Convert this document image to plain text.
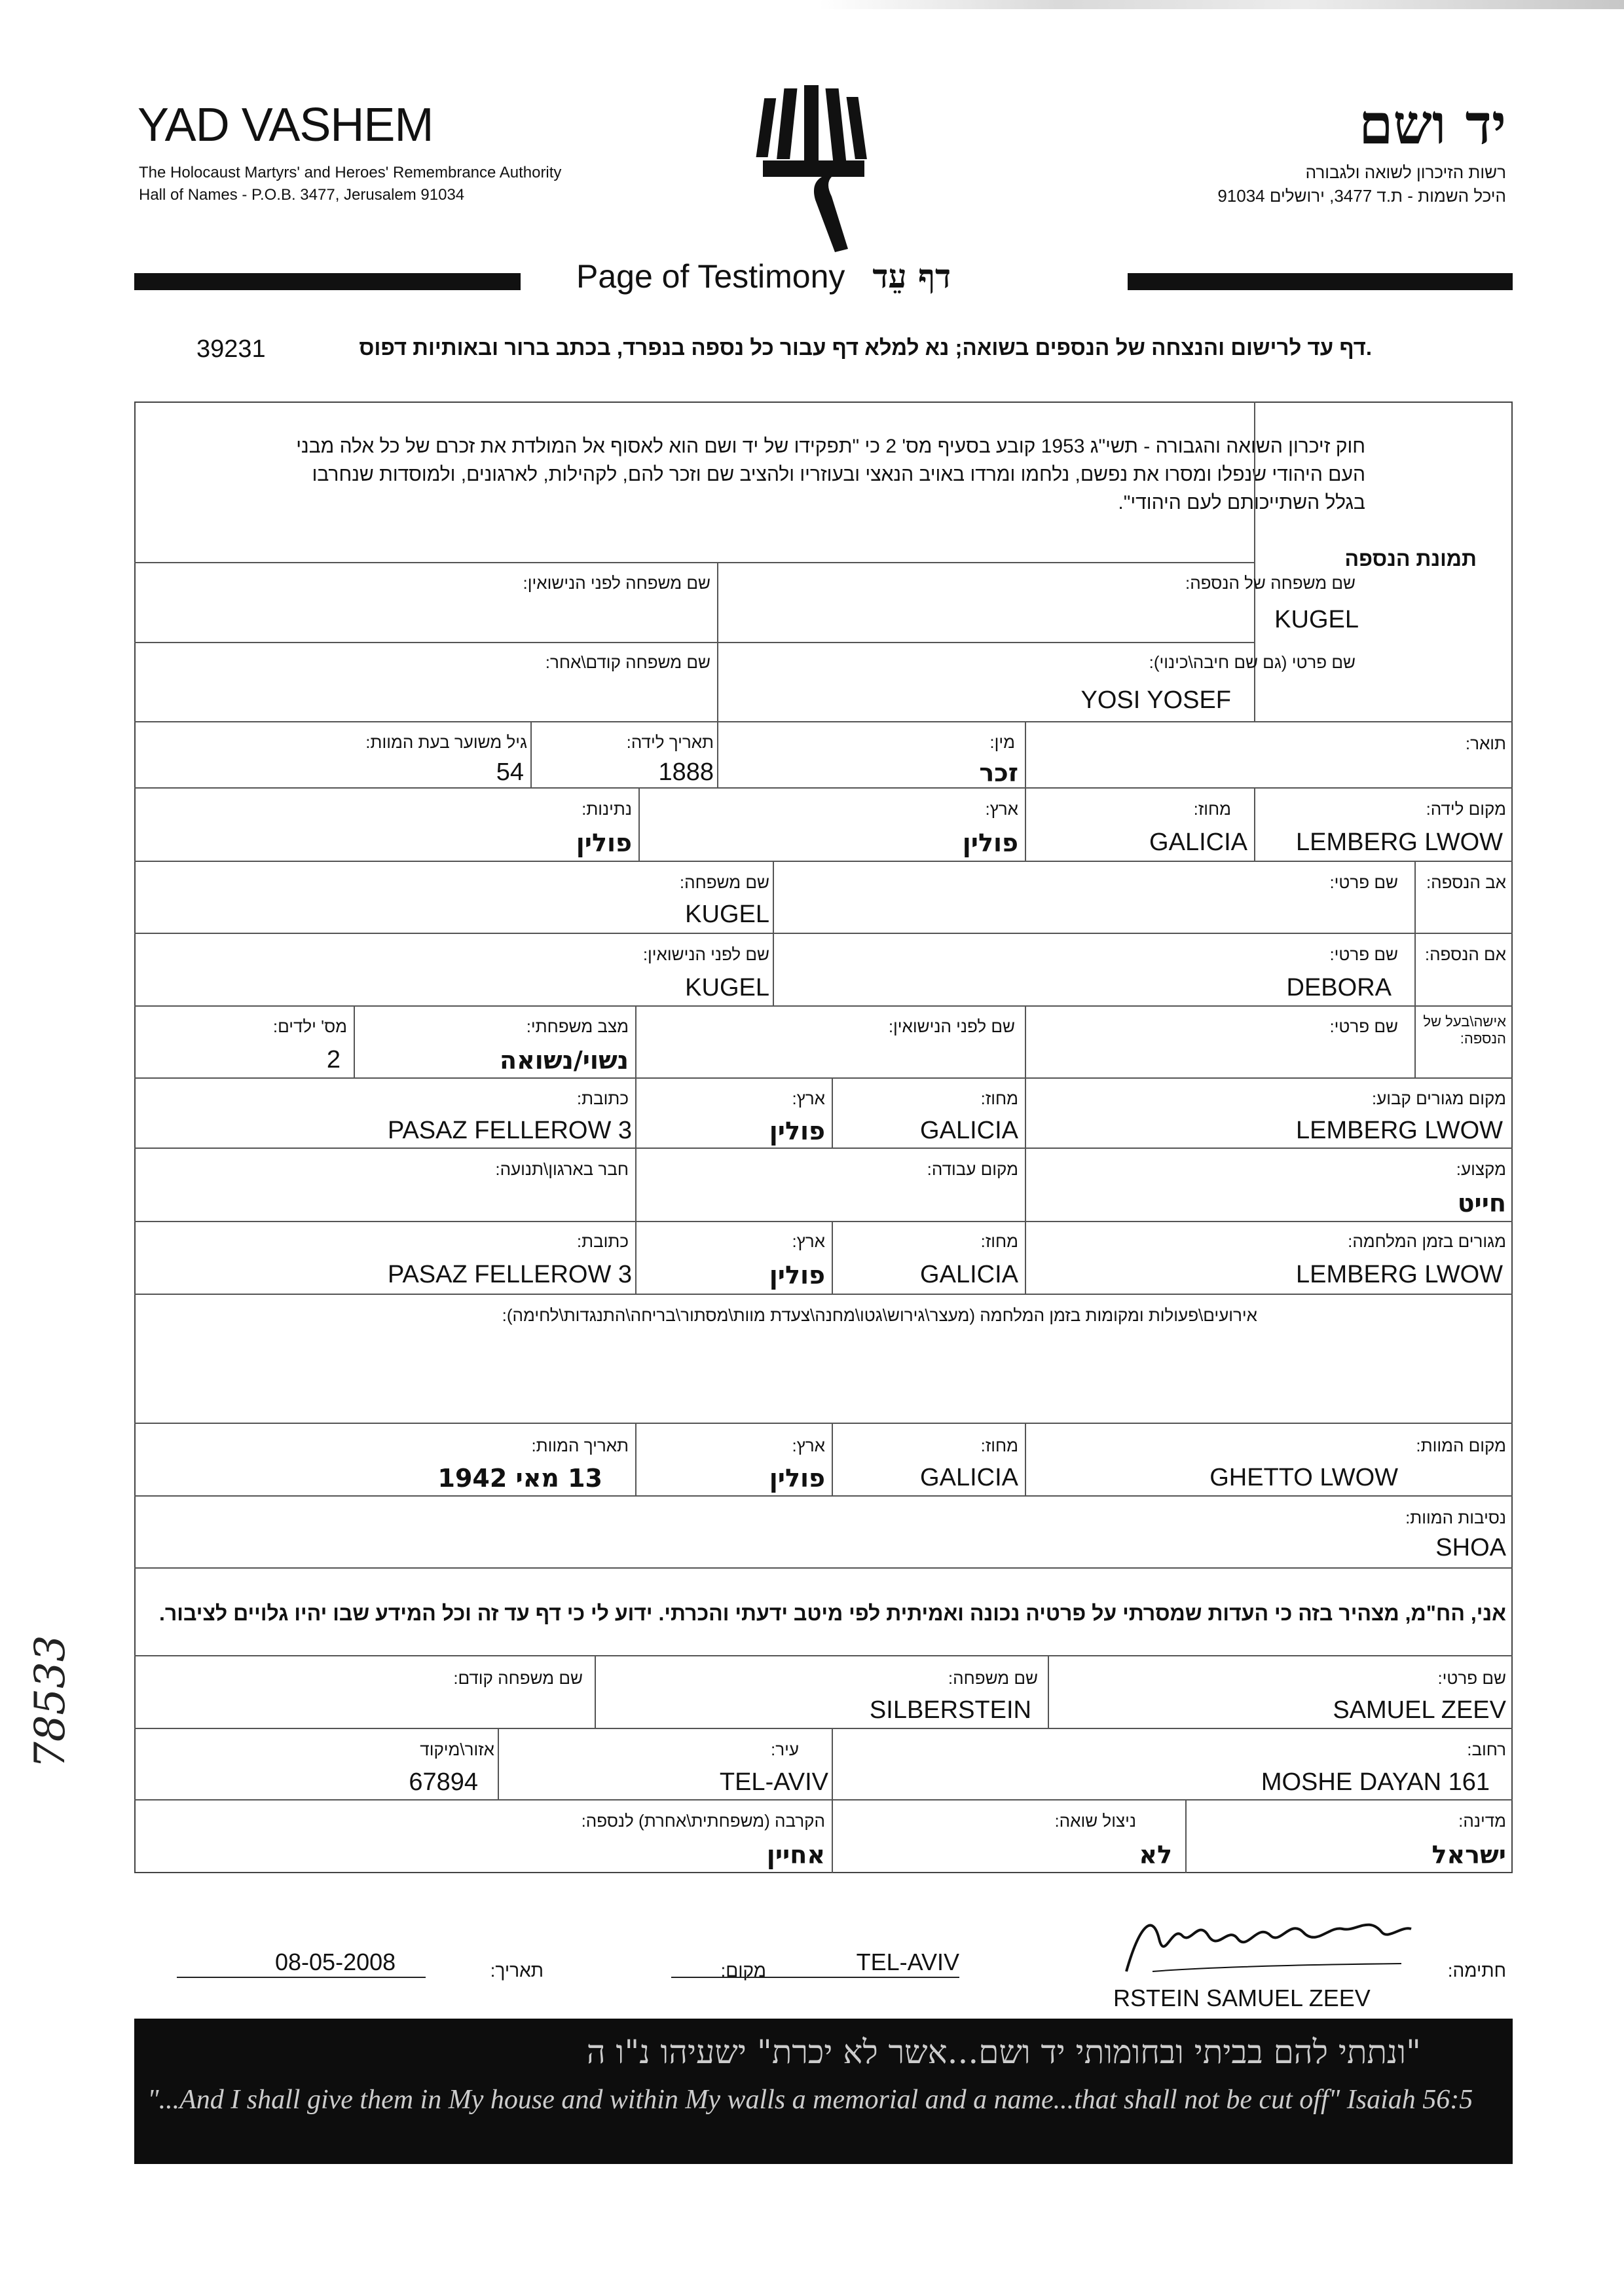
YAD VASHEM
The Holocaust Martyrs' and Heroes' Remembrance Authority
Hall of Names - P.O.B. 3477, Jerusalem 91034
יד ושם
רשות הזיכרון לשואה ולגבורה
היכל השמות - ת.ד 3477, ירושלים 91034
Page of Testimony דף עֵד
דף עד לרישום והנצחה של הנספים בשואה; נא למלא דף עבור כל נספה בנפרד, בכתב ברור ובאותיות דפוס.
39231
חוק זיכרון השואה והגבורה - תשי"ג 1953 קובע בסעיף מס' 2 כי "תפקידו של יד ושם הוא לאסוף אל המולדת את זכרם של כל אלה מבני העם היהודי שנפלו ומסרו את נפשם, נלחמו ומרדו באויב הנאצי ובעוזריו ולהציב שם וזכר להם, לקהילות, לארגונים, ולמוסדות שנחרבו בגלל השתייכותם לעם היהודי".
תמונת הנספה
שם משפחה של הנספה:
KUGEL
שם משפחה לפני הנישואין:
שם פרטי (גם שם חיבה\כינוי):
YOSI YOSEF
שם משפחה קודם\אחר:
תואר:
מין:
זכר
תאריך לידה:
1888
גיל משוער בעת המוות:
54
מקום לידה:
LEMBERG LWOW
מחוז:
GALICIA
ארץ:
פולין
נתינות:
פולין
אב הנספה:
שם פרטי:
שם משפחה:
KUGEL
אם הנספה:
שם פרטי:
DEBORA
שם לפני הנישואין:
KUGEL
אישה\בעל של הנספה:
שם פרטי:
שם לפני הנישואין:
מצב משפחתי:
נשוי/נשואה
מס' ילדים:
2
מקום מגורים קבוע:
LEMBERG LWOW
מחוז:
GALICIA
ארץ:
פולין
כתובת:
PASAZ FELLEROW 3
מקצוע:
חייט
מקום עבודה:
חבר בארגון\תנועה:
מגורים בזמן המלחמה:
LEMBERG LWOW
מחוז:
GALICIA
ארץ:
פולין
כתובת:
PASAZ FELLEROW 3
אירועים\פעולות ומקומות בזמן המלחמה (מעצר\גירוש\גטו\מחנה\צעדת מוות\מסתור\בריחה\התנגדות\לחימה):
מקום המוות:
GHETTO LWOW
מחוז:
GALICIA
ארץ:
פולין
תאריך המוות:
13 מאי 1942
נסיבות המוות:
SHOA
אני, הח"מ, מצהיר בזה כי העדות שמסרתי על פרטיה נכונה ואמיתית לפי מיטב ידעתי והכרתי. ידוע לי כי דף עד זה וכל המידע שבו יהיו גלויים לציבור.
שם פרטי:
SAMUEL ZEEV
שם משפחה:
SILBERSTEIN
שם משפחה קודם:
רחוב:
MOSHE DAYAN 161
עיר:
TEL-AVIV
אזור\מיקוד
67894
מדינה:
ישראל
ניצול שואה:
לא
הקרבה (משפחתית\אחרת) לנספה:
אחיין
חתימה:
מקום:	TEL-AVIV
תאריך:
08-05-2008
RSTEIN SAMUEL ZEEV
"ונתתי להם בביתי ובחומותי יד ושם...אשר לא יכרת" ישעיהו נ"ו ה
"...And I shall give them in My house and within My walls a memorial and a name...that shall not be cut off" Isaiah 56:5
78533
